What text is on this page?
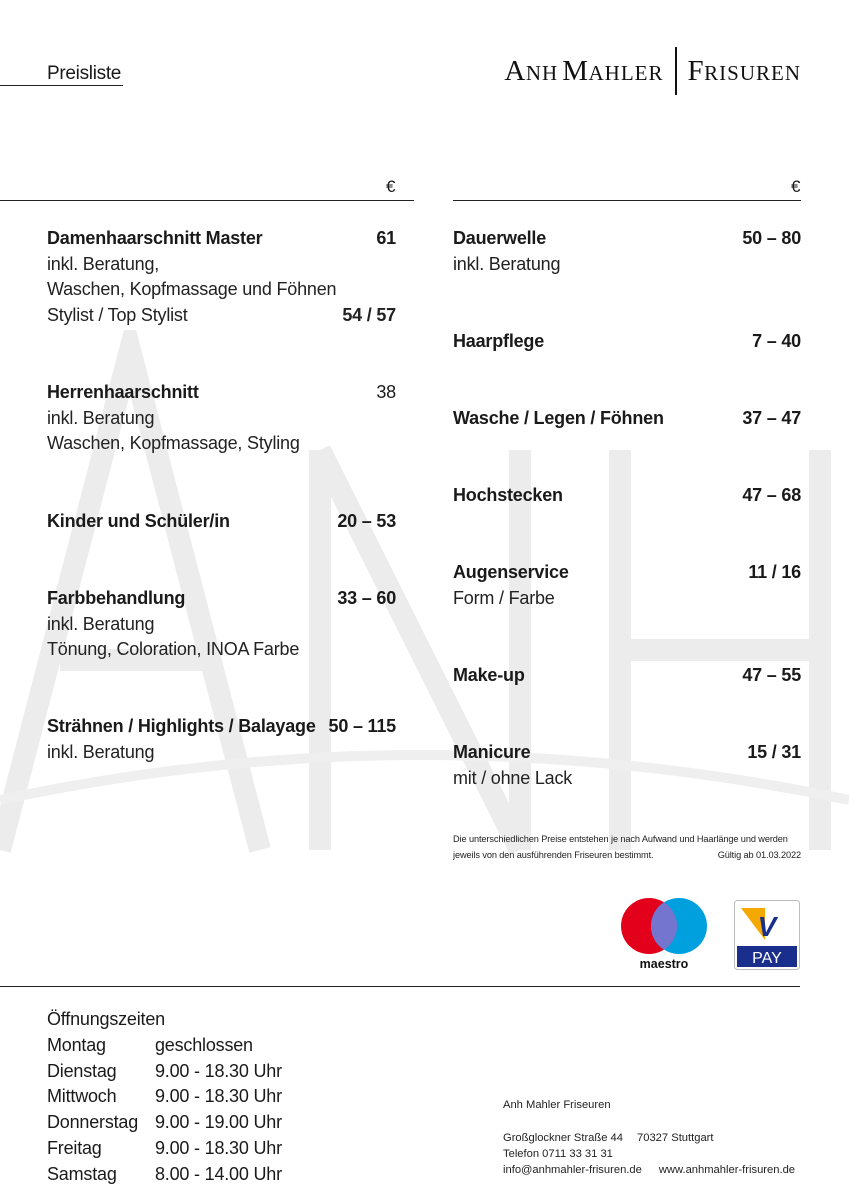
Preisliste	ANH
MAHLER FRISUREN
€	€
Damenhaarschnitt Master	61
inkl. Beratung,
Waschen, Kopfmassage und Föhnen
Stylist / Top Stylist	54 / 57
Herrenhaarschnitt	38
inkl. Beratung
Waschen, Kopfmassage, Styling
Kinder und Schüler/in	20 – 53
Farbbehandlung	33 – 60
inkl. Beratung
Tönung, Coloration, INOA Farbe
Strähnen / Highlights / Balayage 50 – 115
inkl. Beratung
Dauerwelle	50 – 80
inkl. Beratung
Haarpflege	7 – 40
Wasche / Legen / Föhnen	37 – 47
Hochstecken	47 – 68
Augenservice	11 / 16
Form / Farbe
Make-up	47 – 55
Manicure	15 / 31
mit / ohne Lack
Die unterschiedlichen Preise entstehen je nach Aufwand und Haarlänge und werden
jeweils von den ausführenden Friseuren bestimmt.	Gültig ab 01.03.2022
maestro
V
PAY
Öffnungszeiten
Montag	geschlossen
Dienstag	9.00 - 18.30 Uhr
Mittwoch	9.00 - 18.30 Uhr
Donnerstag	9.00 - 19.00 Uhr
Freitag	9.00 - 18.30 Uhr
Samstag	8.00 - 14.00 Uhr
Anh Mahler Friseuren
Großglockner Straße 44 70327 Stuttgart
Telefon 0711 33 31 31
info@anhmahler-frisuren.de www.anhmahler-frisuren.de
